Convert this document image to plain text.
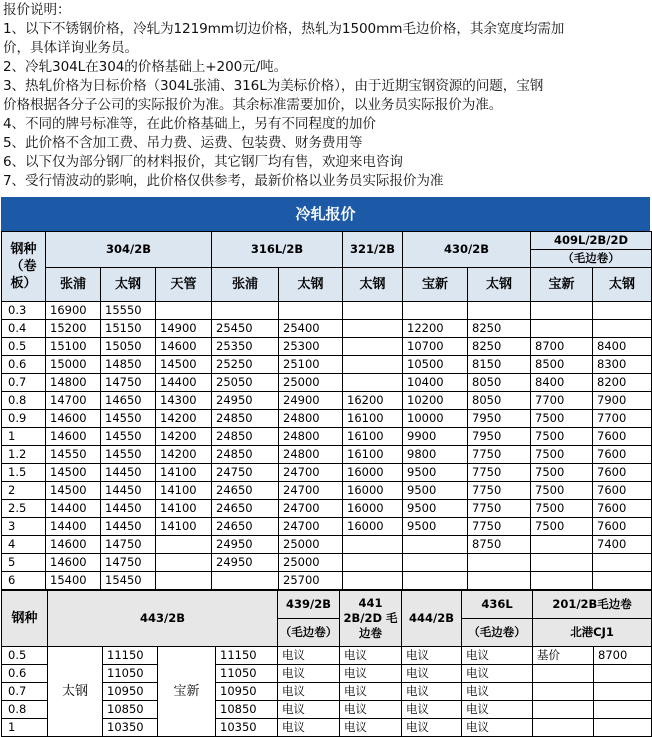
报价说明：
1、以下不锈钢价格，冷轧为1219mm切边价格，热轧为1500mm毛边价格，其余宽度均需加
价，具体详询业务员。
2、冷轧304L在304的价格基础上+200元/吨。
3、热轧价格为日标价格（304L张浦、316L为美标价格），由于近期宝钢资源的问题，宝钢
价格根据各分子公司的实际报价为准。其余标准需要加价，以业务员实际报价为准。
4、不同的牌号标准等，在此价格基础上，另有不同程度的加价
5、此价格不含加工费、吊力费、运费、包装费、财务费用等
6、以下仅为部分钢厂的材料报价，其它钢厂均有售，欢迎来电咨询
7、受行情波动的影响，此价格仅供参考，最新价格以业务员实际报价为准
冷轧报价
钢种（卷板）	304/2B			316L/2B		321/2B	430/2B		409L/2B/2D
（毛边卷）	

	张浦	太钢	天管	张浦	太钢	太钢	宝新	太钢	宝新	太钢
0.3	16900	15550								
0.4	15200	15150	14900	25450	25400		12200	8250		
0.5	15100	15050	14600	25350	25300		10700	8250	8700	8400
0.6	15000	14850	14500	25250	25100		10500	8150	8500	8300
0.7	14800	14750	14400	25050	25000		10400	8050	8400	8200
0.8	14700	14650	14300	24950	24900	16200	10200	8050	7700	7900
0.9	14600	14550	14200	24850	24800	16100	10000	7950	7500	7700
1	14600	14550	14200	24850	24800	16100	9900	7950	7500	7600
1.2	14550	14550	14200	24850	24800	16100	9800	7750	7500	7600
1.5	14500	14450	14100	24750	24700	16000	9500	7750	7500	7600
2	14500	14450	14100	24650	24700	16000	9500	7750	7500	7600
2.5	14400	14450	14100	24650	24700	16000	9500	7750	7500	7600
3	14400	14450	14100	24650	24700	16000	9500	7750	7500	7600
4	14600	14750		24950	25000			8750		7400
5	14600	14750		24950	25000					
6	15400	15450			25700					
钢种	443/2B				439/2B	441 2B/2D 毛边卷	444/2B	436L	201/2B毛边卷	
					（毛边卷）			（毛边卷）	北港CJ1	
0.5	太钢	11150	宝新	11150	电议	电议	电议	电议	基价	8700
0.6		11050		11050	电议	电议	电议	电议		
0.7		10950		10950	电议	电议	电议	电议		
0.8		10850		10850	电议	电议	电议	电议		
1		10350		10350	电议	电议	电议	电议		
